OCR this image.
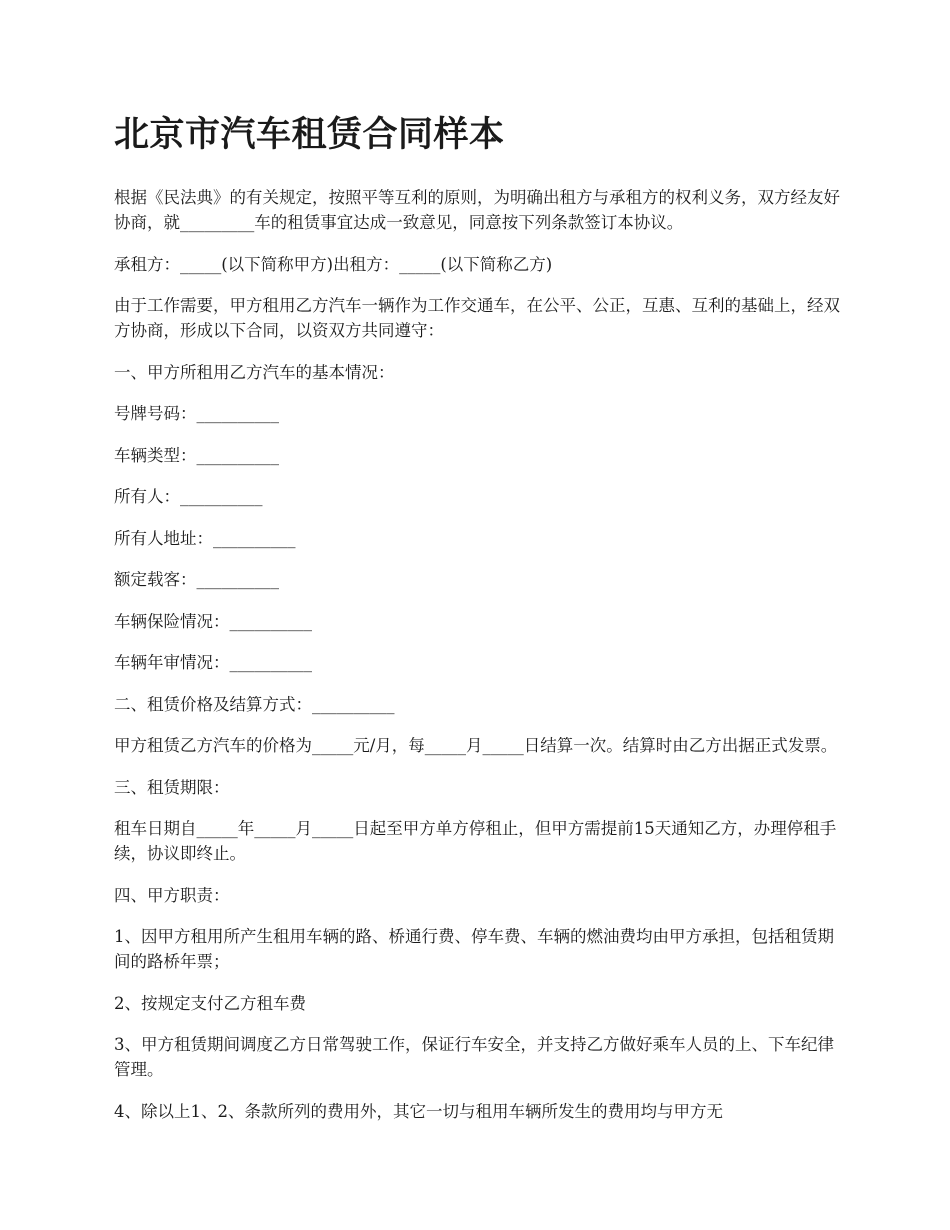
北京市汽车租赁合同样本

根据《民法典》的有关规定，按照平等互利的原则，为明确出租方与承租方的权利义务，双方经友好协商，就_________车的租赁事宜达成一致意见，同意按下列条款签订本协议。

承租方：_____(以下简称甲方)出租方：_____(以下简称乙方)

由于工作需要，甲方租用乙方汽车一辆作为工作交通车，在公平、公正，互惠、互利的基础上，经双方协商，形成以下合同，以资双方共同遵守：

一、甲方所租用乙方汽车的基本情况：

号牌号码：__________

车辆类型：__________

所有人：__________

所有人地址：__________

额定载客：__________

车辆保险情况：__________

车辆年审情况：__________

二、租赁价格及结算方式：__________

甲方租赁乙方汽车的价格为_____元/月，每_____月_____日结算一次。结算时由乙方出据正式发票。

三、租赁期限：

租车日期自_____年_____月_____日起至甲方单方停租止，但甲方需提前15天通知乙方，办理停租手续，协议即终止。

四、甲方职责：

1、因甲方租用所产生租用车辆的路、桥通行费、停车费、车辆的燃油费均由甲方承担，包括租赁期间的路桥年票；

2、按规定支付乙方租车费

3、甲方租赁期间调度乙方日常驾驶工作，保证行车安全，并支持乙方做好乘车人员的上、下车纪律管理。

4、除以上1、2、条款所列的费用外，其它一切与租用车辆所发生的费用均与甲方无
